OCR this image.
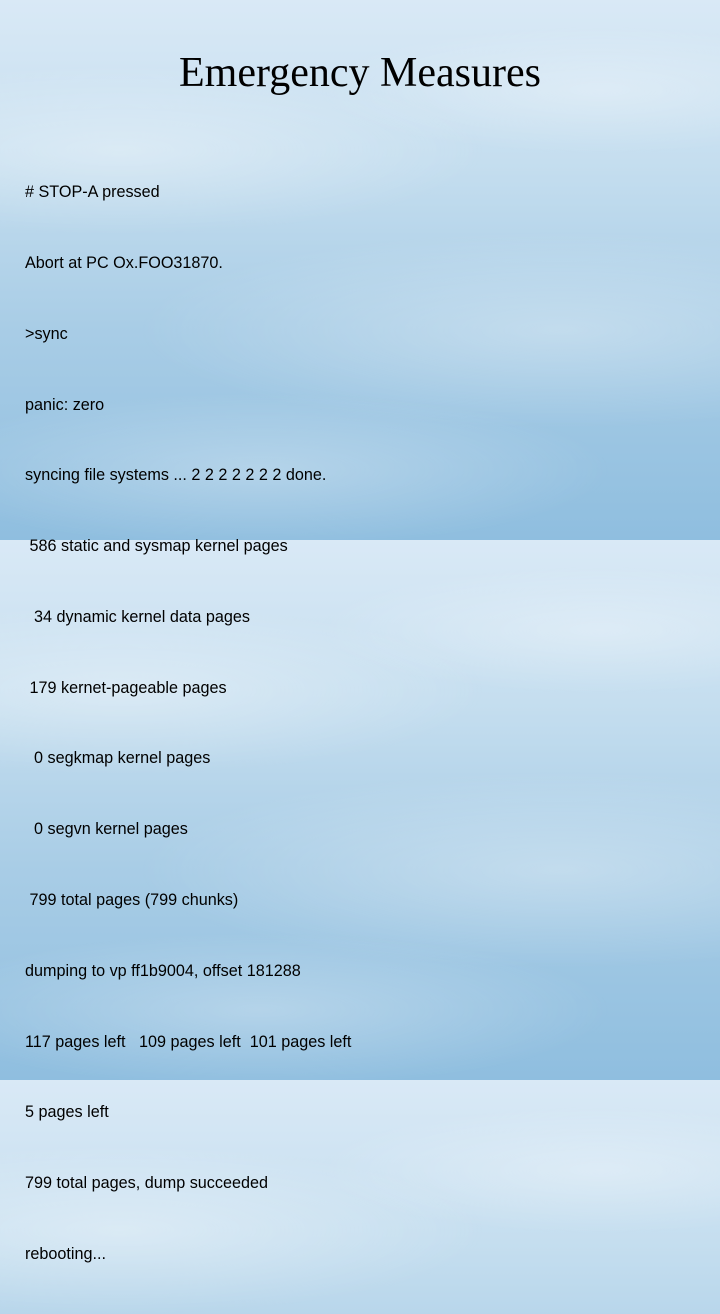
Emergency Measures

# STOP-A pressed

Abort at PC Ox.FOO31870.

>sync

panic: zero

syncing file systems ... 2 2 2 2 2 2 2 done.

586 static and sysmap kernel pages

34 dynamic kernel data pages

179 kernet-pageable pages

0 segkmap kernel pages

0 segvn kernel pages

799 total pages (799 chunks)

dumping to vp ff1b9004, offset 181288

117 pages left   109 pages left  101 pages left

5 pages left

799 total pages, dump succeeded

rebooting...
